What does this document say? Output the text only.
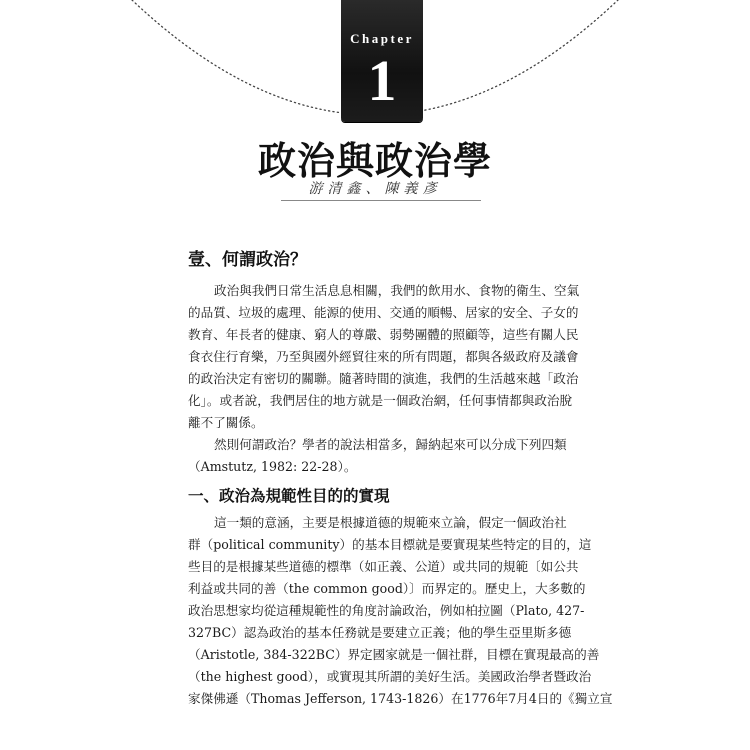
Chapter
1
政治與政治學
游清鑫、陳義彥
壹、何謂政治？
政治與我們日常生活息息相關，我們的飲用水、食物的衛生、空氣
的品質、垃圾的處理、能源的使用、交通的順暢、居家的安全、子女的
教育、年長者的健康、窮人的尊嚴、弱勢團體的照顧等，這些有關人民
食衣住行育樂，乃至與國外經貿往來的所有問題，都與各級政府及議會
的政治決定有密切的關聯。隨著時間的演進，我們的生活越來越「政治
化」。或者說，我們居住的地方就是一個政治網，任何事情都與政治脫
離不了關係。
然則何謂政治？學者的說法相當多，歸納起來可以分成下列四類
（Amstutz, 1982: 22-28）。
一、政治為規範性目的的實現
這一類的意涵，主要是根據道德的規範來立論，假定一個政治社
群（political community）的基本目標就是要實現某些特定的目的，這
些目的是根據某些道德的標準（如正義、公道）或共同的規範〔如公共
利益或共同的善（the common good）〕而界定的。歷史上，大多數的
政治思想家均從這種規範性的角度討論政治，例如柏拉圖（Plato, 427-
327BC）認為政治的基本任務就是要建立正義；他的學生亞里斯多德
（Aristotle, 384-322BC）界定國家就是一個社群，目標在實現最高的善
（the highest good），或實現其所謂的美好生活。美國政治學者暨政治
家傑佛遜（Thomas Jefferson, 1743-1826）在1776年7月4日的《獨立宣
